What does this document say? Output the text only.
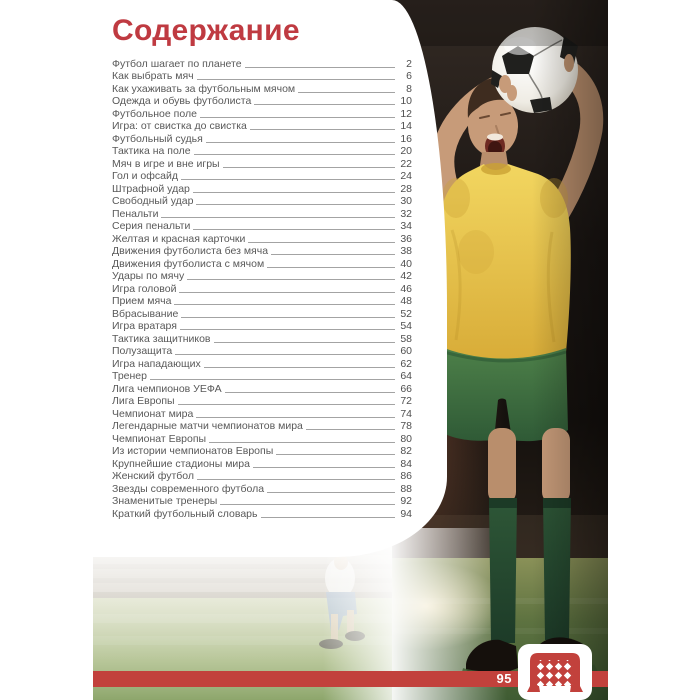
Содержание
Футбол шагает по планете	2
Как выбрать мяч	6
Как ухаживать за футбольным мячом	8
Одежда и обувь футболиста	10
Футбольное поле	12
Игра: от свистка до свистка	14
Футбольный судья	16
Тактика на поле	20
Мяч в игре и вне игры	22
Гол и офсайд	24
Штрафной удар	28
Свободный удар	30
Пенальти	32
Серия пенальти	34
Желтая и красная карточки	36
Движения футболиста без мяча	38
Движения футболиста с мячом	40
Удары по мячу	42
Игра головой	46
Прием мяча	48
Вбрасывание	52
Игра вратаря	54
Тактика защитников	58
Полузащита	60
Игра нападающих	62
Тренер	64
Лига чемпионов УЕФА	66
Лига Европы	72
Чемпионат мира	74
Легендарные матчи чемпионатов мира	78
Чемпионат Европы	80
Из истории чемпионатов Европы	82
Крупнейшие стадионы мира	84
Женский футбол	86
Звезды современного футбола	88
Знаменитые тренеры	92
Краткий футбольный словарь	94
95
